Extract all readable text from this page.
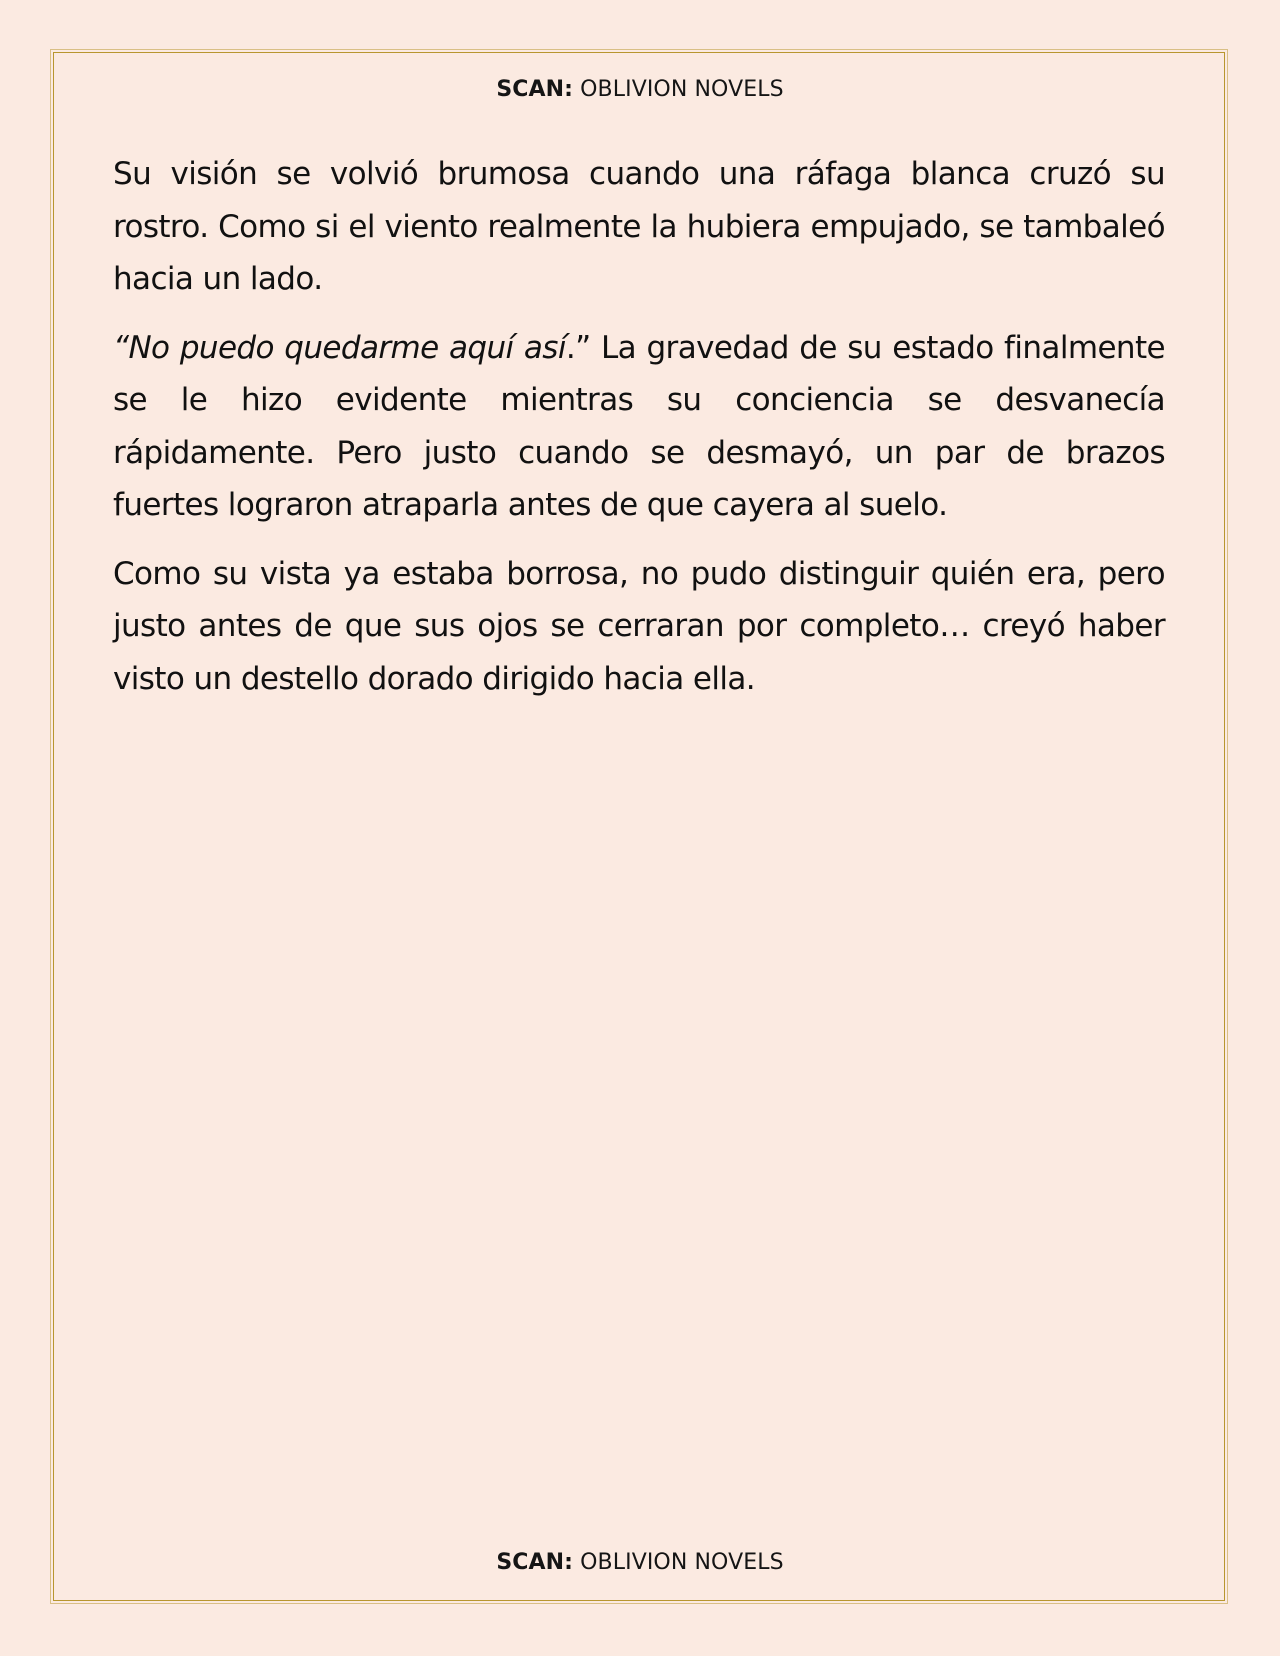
SCAN: OBLIVION NOVELS

Su visión se volvió brumosa cuando una ráfaga blanca cruzó su rostro. Como si el viento realmente la hubiera empujado, se tambaleó hacia un lado.

“No puedo quedarme aquí así.” La gravedad de su estado finalmente se le hizo evidente mientras su conciencia se desvanecía rápidamente. Pero justo cuando se desmayó, un par de brazos fuertes lograron atraparla antes de que cayera al suelo.

Como su vista ya estaba borrosa, no pudo distinguir quién era, pero justo antes de que sus ojos se cerraran por completo… creyó haber visto un destello dorado dirigido hacia ella.

SCAN: OBLIVION NOVELS
